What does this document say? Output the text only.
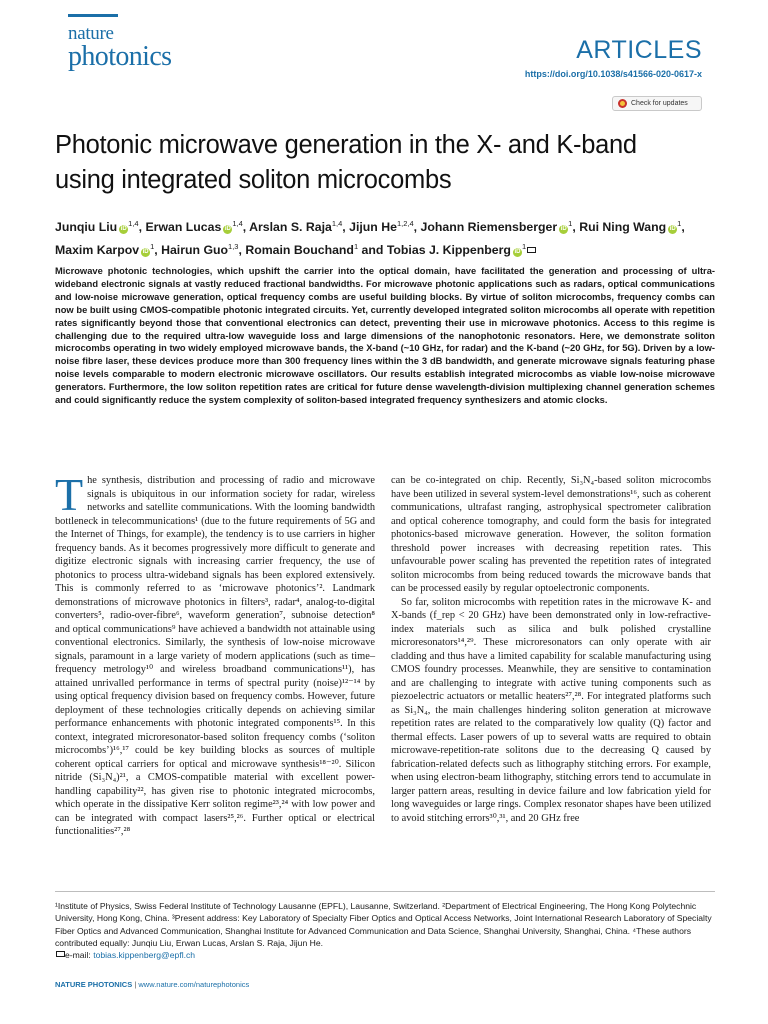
nature
photonics	ARTICLES
https://doi.org/10.1038/s41566-020-0617-x
Check for updates
Photonic microwave generation in the X- and K-band using integrated soliton microcombs
Junqiu Liu iD$^{1,4}$, Erwan Lucas iD$^{1,4}$, Arslan S. Raja$^{1,4}$, Jijun He$^{1,2,4}$, Johann Riemensberger $iD^1$, Rui Ning Wang $iD^1$, Maxim Karpov $iD^1$, Hairun Guo$^{1,3}$, Romain Bouchand$^1$ and Tobias J. Kippenberg $iD^1$
Microwave photonic technologies, which upshift the carrier into the optical domain, have facilitated the generation and processing of ultra-wideband electronic signals at vastly reduced fractional bandwidths. For microwave photonic applications such as radars, optical communications and low-noise microwave generation, optical frequency combs are useful building blocks. By virtue of soliton microcombs, frequency combs can now be built using CMOS-compatible photonic integrated circuits. Yet, currently developed integrated soliton microcombs all operate with repetition rates significantly beyond those that conventional electronics can detect, preventing their use in microwave photonics. Access to this regime is challenging due to the required ultra-low waveguide loss and large dimensions of the nanophotonic resonators. Here, we demonstrate soliton microcombs operating in two widely employed microwave bands, the X-band (~10 GHz, for radar) and the K-band (~20 GHz, for 5G). Driven by a low-noise fibre laser, these devices produce more than 300 frequency lines within the 3 dB bandwidth, and generate microwave signals featuring phase noise levels comparable to modern electronic microwave oscillators. Our results establish integrated microcombs as viable low-noise microwave generators. Furthermore, the low soliton repetition rates are critical for future dense wavelength-division multiplexing channel generation schemes and could significantly reduce the system complexity of soliton-based integrated frequency synthesizers and atomic clocks.

The synthesis, distribution and processing of radio and microwave signals is ubiquitous in our information society for radar, wireless networks and satellite communications. With the looming bandwidth bottleneck in telecommunications¹ (due to the future requirements of 5G and the Internet of Things, for example), the tendency is to use carriers in higher frequency bands. As it becomes progressively more difficult to generate and digitize electronic signals with increasing carrier frequency, the use of photonics to process ultra-wideband signals has been explored extensively. This is commonly referred to as ‘microwave photonics’². Landmark demonstrations of microwave photonics in filters³, radar⁴, analog-to-digital converters⁵, radio-over-fibre⁶, waveform generation⁷, subnoise detection⁸ and optical communications⁹ have achieved a bandwidth not attainable using conventional electronics. Similarly, the synthesis of low-noise microwave signals, paramount in a large variety of modern applications (such as time–frequency metrology¹⁰ and wireless broadband communications¹¹), has attained unrivalled performance in terms of spectral purity (noise)¹²⁻¹⁴ by using optical frequency division based on frequency combs. However, future deployment of these technologies critically depends on achieving similar performance enhancements with photonic integrated components¹⁵. In this context, integrated microresonator-based soliton frequency combs (‘soliton microcombs’)¹⁶,¹⁷ could be key building blocks as sources of multiple coherent optical carriers for optical and microwave synthesis¹⁸⁻²⁰. Silicon nitride (Si₃N₄)²¹, a CMOS-compatible material with excellent power-handling capability²², has given rise to photonic integrated microcombs, which operate in the dissipative Kerr soliton regime²³,²⁴ with low power and can be integrated with compact lasers²⁵,²⁶. Further optical or electrical functionalities²⁷,²⁸

can be co-integrated on chip. Recently, Si₃N₄-based soliton microcombs have been utilized in several system-level demonstrations¹⁶, such as coherent communications, ultrafast ranging, astrophysical spectrometer calibration and optical coherence tomography, and could form the basis for integrated photonics-based microwave generation. However, the soliton formation threshold power increases with decreasing repetition rates. This unfavourable power scaling has prevented the repetition rates of integrated soliton microcombs from being reduced towards the microwave bands that can be processed easily by regular optoelectronic components.

So far, soliton microcombs with repetition rates in the microwave K- and X-bands (f_rep < 20 GHz) have been demonstrated only in low-refractive-index materials such as silica and bulk polished crystalline microresonators¹⁴,²⁹. These microresonators can only operate with air cladding and thus have a limited capability for scalable manufacturing using CMOS foundry processes. Meanwhile, they are sensitive to contamination and are challenging to integrate with active tuning components such as piezoelectric actuators or metallic heaters²⁷,²⁸. For integrated platforms such as Si₃N₄, the main challenges hindering soliton generation at microwave repetition rates are related to the comparatively low quality (Q) factor and thermal effects. Laser powers of up to several watts are required to obtain microwave-repetition-rate solitons due to the decreasing Q caused by fabrication-related defects such as lithography stitching errors. For example, when using electron-beam lithography, stitching errors tend to accumulate in larger pattern areas, resulting in device failure and low fabrication yield for long waveguides or large rings. Complex resonator shapes have been utilized to avoid stitching errors³⁰,³¹, and 20 GHz free

¹Institute of Physics, Swiss Federal Institute of Technology Lausanne (EPFL), Lausanne, Switzerland. ²Department of Electrical Engineering, The Hong Kong Polytechnic University, Hong Kong, China. ³Present address: Key Laboratory of Specialty Fiber Optics and Optical Access Networks, Joint International Research Laboratory of Specialty Fiber Optics and Advanced Communication, Shanghai Institute for Advanced Communication and Data Science, Shanghai University, Shanghai, China. ⁴These authors contributed equally: Junqiu Liu, Erwan Lucas, Arslan S. Raja, Jijun He.

e-mail: tobias.kippenberg@epfl.ch

NATURE PHOTONICS | www.nature.com/naturephotonics
